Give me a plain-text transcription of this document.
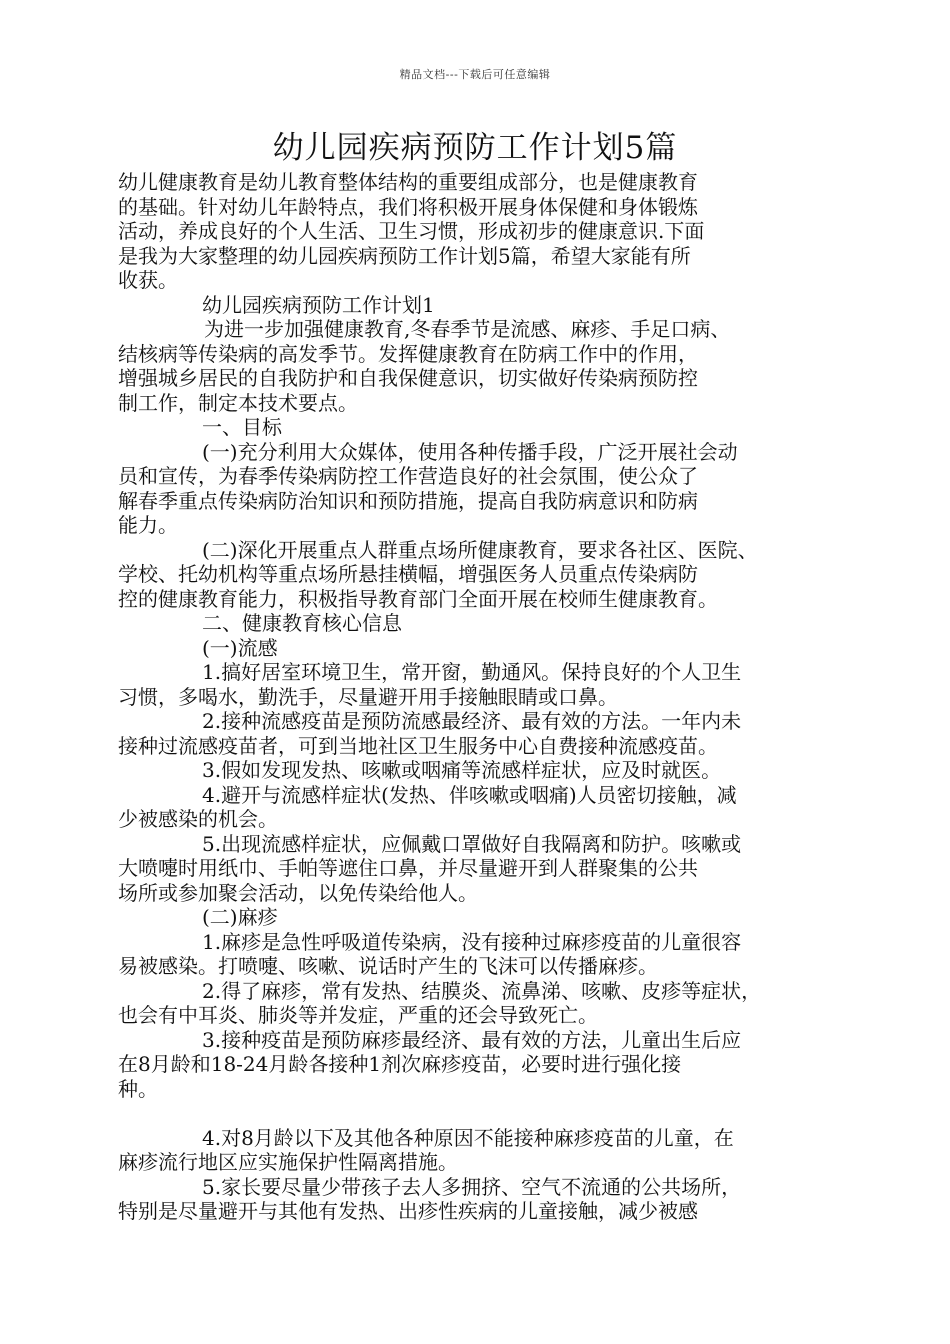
精品文档---下载后可任意编辑
幼儿园疾病预防工作计划5篇

幼儿健康教育是幼儿教育整体结构的重要组成部分，也是健康教育

的基础。针对幼儿年龄特点，我们将积极开展身体保健和身体锻炼

活动，养成良好的个人生活、卫生习惯，形成初步的健康意识.下面

是我为大家整理的幼儿园疾病预防工作计划5篇，希望大家能有所

收获。

幼儿园疾病预防工作计划1

为进一步加强健康教育,冬春季节是流感、麻疹、手足口病、

结核病等传染病的高发季节。发挥健康教育在防病工作中的作用，

增强城乡居民的自我防护和自我保健意识，切实做好传染病预防控

制工作，制定本技术要点。

一、目标

(一)充分利用大众媒体，使用各种传播手段，广泛开展社会动

员和宣传，为春季传染病防控工作营造良好的社会氛围，使公众了

解春季重点传染病防治知识和预防措施，提高自我防病意识和防病

能力。

(二)深化开展重点人群重点场所健康教育，要求各社区、医院、

学校、托幼机构等重点场所悬挂横幅，增强医务人员重点传染病防

控的健康教育能力，积极指导教育部门全面开展在校师生健康教育。

二、健康教育核心信息

(一)流感

1.搞好居室环境卫生，常开窗，勤通风。保持良好的个人卫生

习惯，多喝水，勤洗手，尽量避开用手接触眼睛或口鼻。

2.接种流感疫苗是预防流感最经济、最有效的方法。一年内未

接种过流感疫苗者，可到当地社区卫生服务中心自费接种流感疫苗。

3.假如发现发热、咳嗽或咽痛等流感样症状，应及时就医。

4.避开与流感样症状(发热、伴咳嗽或咽痛)人员密切接触，减

少被感染的机会。

5.出现流感样症状，应佩戴口罩做好自我隔离和防护。咳嗽或

大喷嚏时用纸巾、手帕等遮住口鼻，并尽量避开到人群聚集的公共

场所或参加聚会活动，以免传染给他人。

(二)麻疹

1.麻疹是急性呼吸道传染病，没有接种过麻疹疫苗的儿童很容

易被感染。打喷嚏、咳嗽、说话时产生的飞沫可以传播麻疹。

2.得了麻疹，常有发热、结膜炎、流鼻涕、咳嗽、皮疹等症状，

也会有中耳炎、肺炎等并发症，严重的还会导致死亡。

3.接种疫苗是预防麻疹最经济、最有效的方法，儿童出生后应

在8月龄和18-24月龄各接种1剂次麻疹疫苗，必要时进行强化接

种。

4.对8月龄以下及其他各种原因不能接种麻疹疫苗的儿童，在

麻疹流行地区应实施保护性隔离措施。

5.家长要尽量少带孩子去人多拥挤、空气不流通的公共场所，

特别是尽量避开与其他有发热、出疹性疾病的儿童接触，减少被感
